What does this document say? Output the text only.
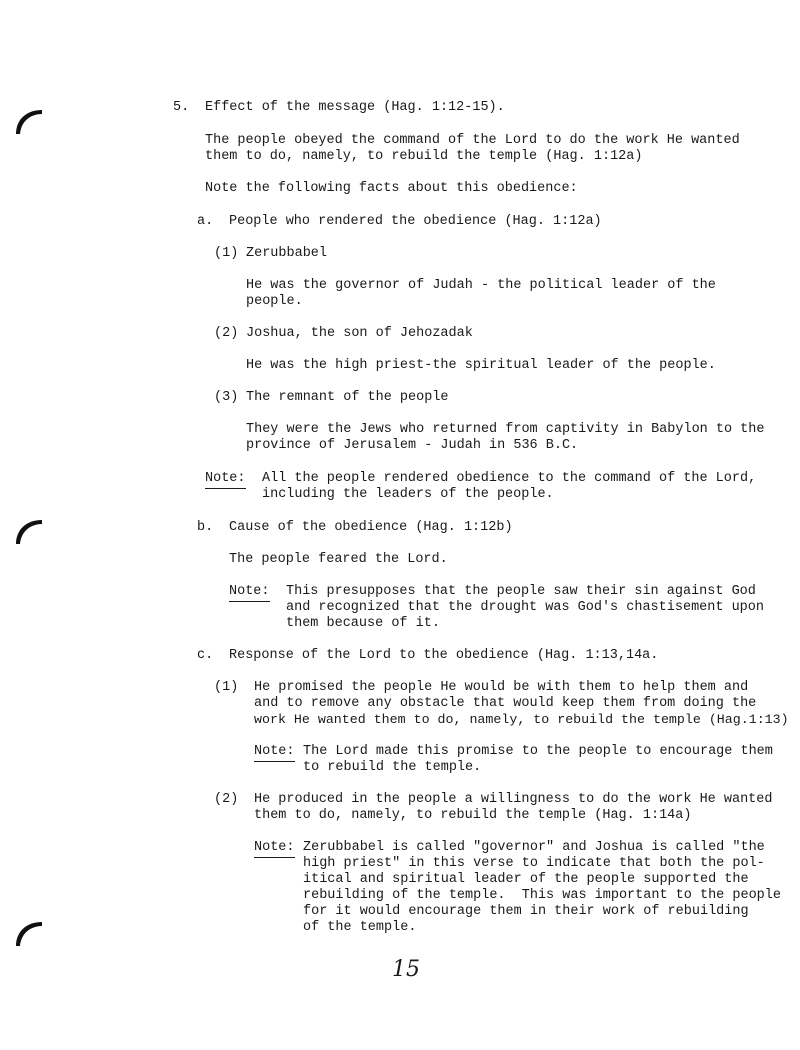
5. Effect of the message (Hag. 1:12-15).
The people obeyed the command of the Lord to do the work He wanted
them to do, namely, to rebuild the temple (Hag. 1:12a)
Note the following facts about this obedience:
a. People who rendered the obedience (Hag. 1:12a)
(1) Zerubbabel
He was the governor of Judah - the political leader of the
people.
(2) Joshua, the son of Jehozadak
He was the high priest-the spiritual leader of the people.
(3) The remnant of the people
They were the Jews who returned from captivity in Babylon to the
province of Jerusalem - Judah in 536 B.C.
Note: All the people rendered obedience to the command of the Lord,
including the leaders of the people.
b. Cause of the obedience (Hag. 1:12b)
The people feared the Lord.
Note: This presupposes that the people saw their sin against God
and recognized that the drought was God's chastisement upon
them because of it.
c. Response of the Lord to the obedience (Hag. 1:13,14a.
(1) He promised the people He would be with them to help them and
and to remove any obstacle that would keep them from doing the
work He wanted them to do, namely, to rebuild the temple (Hag.1:13)
Note: The Lord made this promise to the people to encourage them
to rebuild the temple.
(2) He produced in the people a willingness to do the work He wanted
them to do, namely, to rebuild the temple (Hag. 1:14a)
Note: Zerubbabel is called "governor" and Joshua is called "the
high priest" in this verse to indicate that both the pol-
itical and spiritual leader of the people supported the
rebuilding of the temple.  This was important to the people
for it would encourage them in their work of rebuilding
of the temple.
15
